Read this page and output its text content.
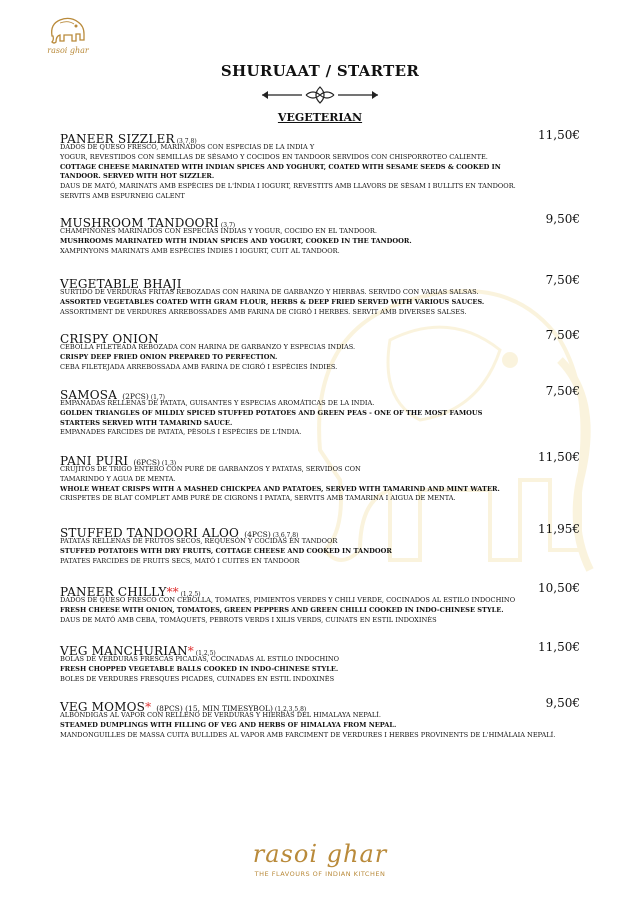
rasoi ghar
SHURUAAT / STARTER
VEGETERIAN
PANEER SIZZLER (3,7,8)	11,50€
DADOS DE QUESO FRESCO, MARINADOS CON ESPECIAS DE LA INDIA Y
YOGUR, REVESTIDOS CON SEMILLAS DE SÉSAMO Y COCIDOS EN TANDOOR SERVIDOS CON CHISPORROTEO CALIENTE.
COTTAGE CHEESE MARINATED WITH INDIAN SPICES AND YOGHURT, COATED WITH SESAME SEEDS & COOKED IN
TANDOOR. SERVED WITH HOT SIZZLER.
DAUS DE MATÓ, MARINATS AMB ESPÈCIES DE L'ÍNDIA I IOGURT, REVESTITS AMB LLAVORS DE SÈSAM I BULLITS EN TANDOOR.
SERVITS AMB ESPURNEIG CALENT
MUSHROOM TANDOORI (3,7)	9,50€
CHAMPIÑONES MARINADOS CON ESPECIAS INDIAS Y YOGUR, COCIDO EN EL TANDOOR.
MUSHROOMS MARINATED WITH INDIAN SPICES AND YOGURT, COOKED IN THE TANDOOR.
XAMPINYONS MARINATS AMB ESPÈCIES ÍNDIES I IOGURT, CUIT AL TANDOOR.
VEGETABLE BHAJI	7,50€
SURTIDO DE VERDURAS FRITAS REBOZADAS CON HARINA DE GARBANZO Y HIERBAS. SERVIDO CON VARIAS SALSAS.
ASSORTED VEGETABLES COATED WITH GRAM FLOUR, HERBS & DEEP FRIED SERVED WITH VARIOUS SAUCES.
ASSORTIMENT DE VERDURES ARREBOSSADES AMB FARINA DE CIGRÓ I HERBES. SERVIT AMB DIVERSES SALSES.
CRISPY ONION	7,50€
CEBOLLA FILETEADA REBOZADA CON HARINA DE GARBANZO Y ESPECIAS INDIAS.
CRISPY DEEP FRIED ONION PREPARED TO PERFECTION.
CEBA FILETEJADA ARREBOSSADA AMB FARINA DE CIGRÓ I ESPÈCIES ÍNDIES.
SAMOSA (2PCS) (1,7)	7,50€
EMPANADAS RELLENAS DE PATATA, GUISANTES Y ESPECIAS AROMÁTICAS DE LA INDIA.
GOLDEN TRIANGLES OF MILDLY SPICED STUFFED POTATOES AND GREEN PEAS - ONE OF THE MOST FAMOUS
STARTERS SERVED WITH TAMARIND SAUCE.
EMPANADES FARCIDES DE PATATA, PÈSOLS I ESPÈCIES DE L'ÍNDIA.
PANI PURI (6PCS) (1,3)	11,50€
CRUJITOS DE TRIGO ENTERO CON PURÉ DE GARBANZOS Y PATATAS, SERVIDOS CON
TAMARINDO Y AGUA DE MENTA.
WHOLE WHEAT CRISPS WITH A MASHED CHICKPEA AND PATATOES, SERVED WITH TAMARIND AND MINT WATER.
CRISPETES DE BLAT COMPLET AMB PURÉ DE CIGRONS I PATATA, SERVITS AMB TAMARINA I AIGUA DE MENTA.
STUFFED TANDOORI ALOO (4PCS) (3,6,7,8)	11,95€
PATATAS RELLENAS DE FRUTOS SECOS, REQUESÓN Y COCIDAS EN TANDOOR
STUFFED POTATOES WITH DRY FRUITS, COTTAGE CHEESE AND COOKED IN TANDOOR
PATATES FARCIDES DE FRUITS SECS, MATÓ I CUITES EN TANDOOR
PANEER CHILLY** (1,2,5)	10,50€
DADOS DE QUESO FRESCO CON CEBOLLA, TOMATES, PIMIENTOS VERDES Y CHILI VERDE, COCINADOS AL ESTILO INDOCHINO
FRESH CHEESE WITH ONION, TOMATOES, GREEN PEPPERS AND GREEN CHILLI COOKED IN INDO-CHINESE STYLE.
DAUS DE MATÓ AMB CEBA, TOMÀQUETS, PEBROTS VERDS I XILIS VERDS, CUINATS EN ESTIL INDOXINÈS
VEG MANCHURIAN* (1,2,5)	11,50€
BOLAS DE VERDURAS FRESCAS PICADAS, COCINADAS AL ESTILO INDOCHINO
FRESH CHOPPED VEGETABLE BALLS COOKED IN INDO-CHINESE STYLE.
BOLES DE VERDURES FRESQUES PICADES, CUINADES EN ESTIL INDOXINÈS
VEG MOMOS* (8PCS) (15, MIN TIMESYBOL) (1,2,3,5,8)	9,50€
ALBÓNDIGAS AL VAPOR CON RELLENO DE VERDURAS Y HIERBAS DEL HIMALAYA NEPALÍ.
STEAMED DUMPLINGS WITH FILLING OF VEG AND HERBS OF HIMALAYA FROM NEPAL.
MANDONGUILLES DE MASSA CUITA BULLIDES AL VAPOR AMB FARCIMENT DE VERDURES I HERBES PROVINENTS DE L'HIMÀLAIA NEPALÍ.
rasoi ghar
THE FLAVOURS OF INDIAN KITCHEN
